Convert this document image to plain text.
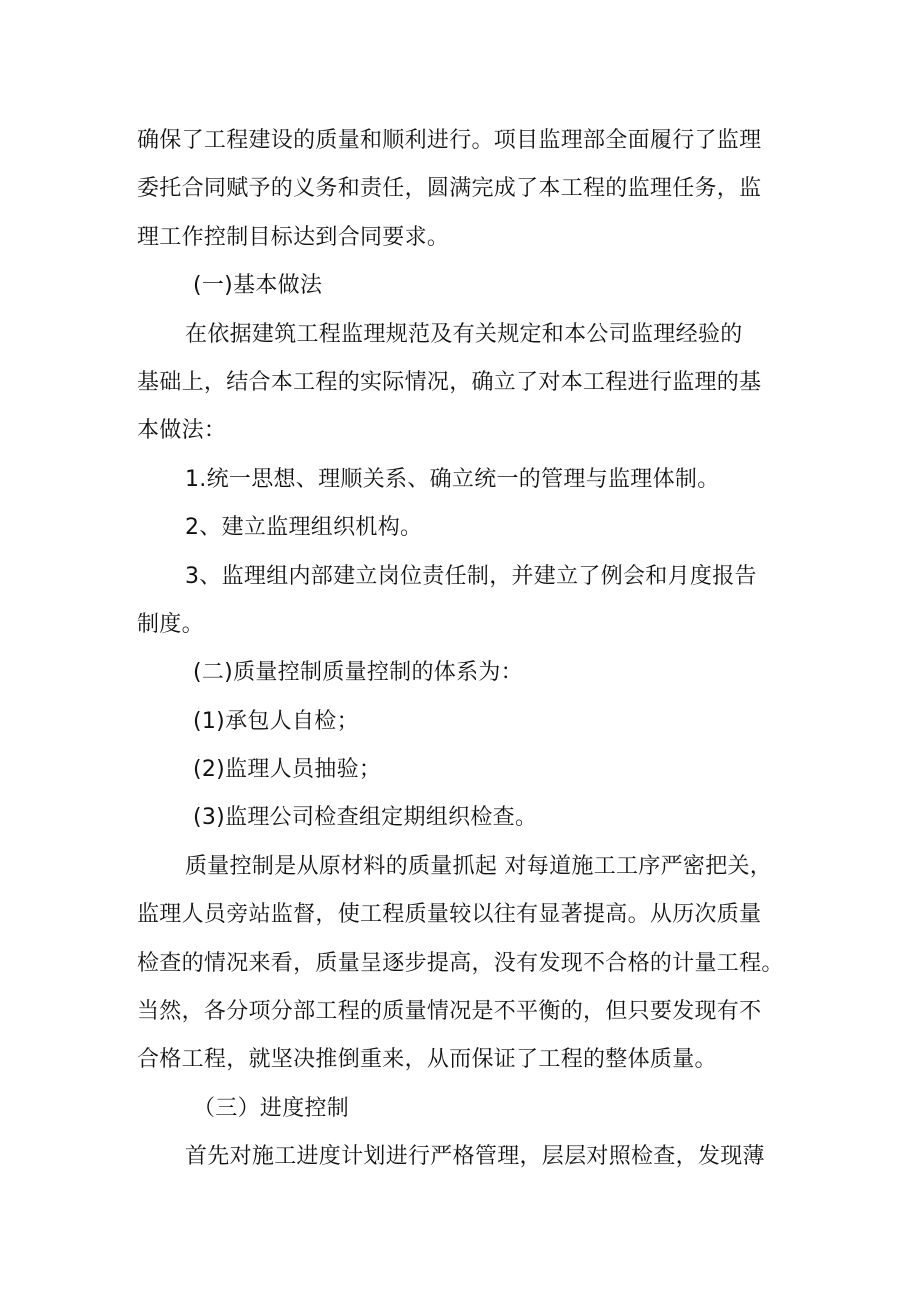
确保了工程建设的质量和顺利进行。项目监理部全面履行了监理
委托合同赋予的义务和责任，圆满完成了本工程的监理任务，监
理工作控制目标达到合同要求。
(一)基本做法
在依据建筑工程监理规范及有关规定和本公司监理经验的
基础上，结合本工程的实际情况，确立了对本工程进行监理的基
本做法：
1.统一思想、理顺关系、确立统一的管理与监理体制。
2、建立监理组织机构。
3、监理组内部建立岗位责任制，并建立了例会和月度报告
制度。
(二)质量控制质量控制的体系为：
(1)承包人自检；
(2)监理人员抽验；
(3)监理公司检查组定期组织检查。
质量控制是从原材料的质量抓起 对每道施工工序严密把关，
监理人员旁站监督，使工程质量较以往有显著提高。从历次质量
检查的情况来看，质量呈逐步提高，没有发现不合格的计量工程。
当然，各分项分部工程的质量情况是不平衡的，但只要发现有不
合格工程，就坚决推倒重来，从而保证了工程的整体质量。
（三）进度控制
首先对施工进度计划进行严格管理，层层对照检查，发现薄
